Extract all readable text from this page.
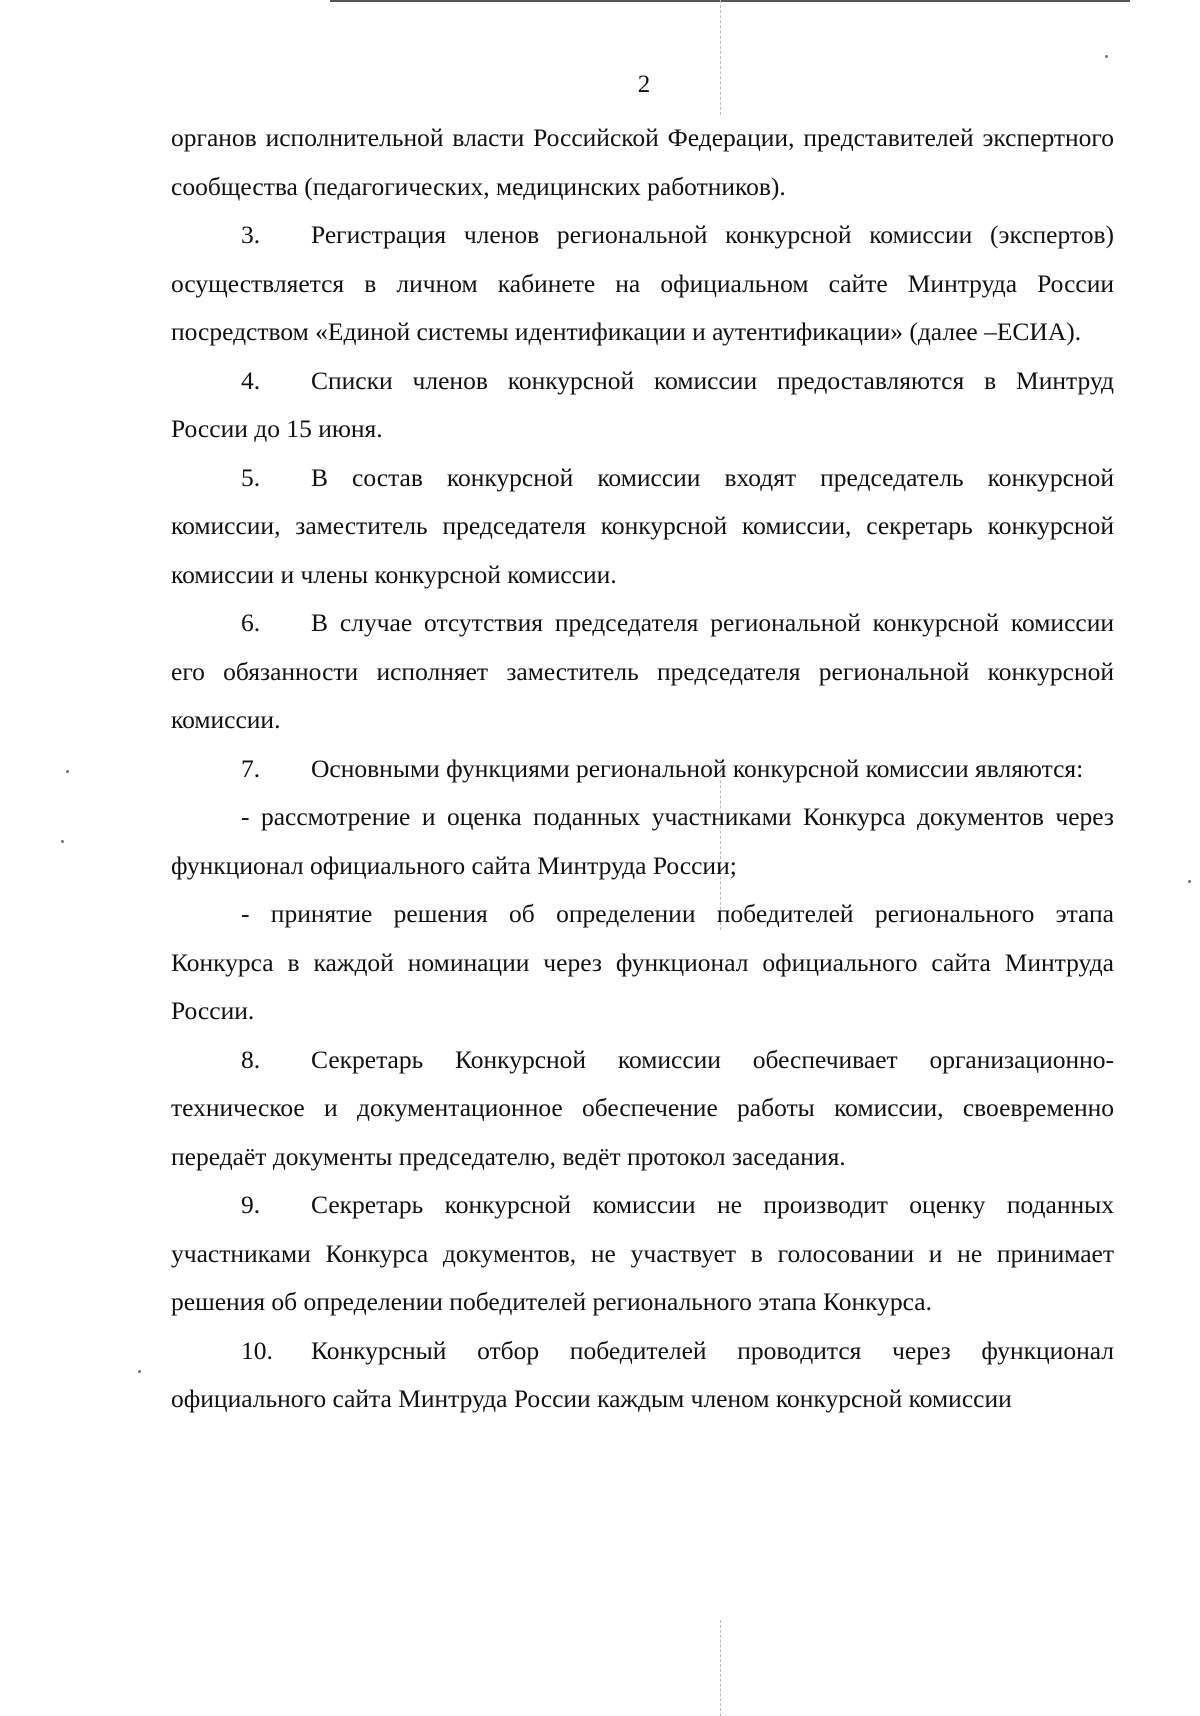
2

органов исполнительной власти Российской Федерации, представителей экспертного сообщества (педагогических, медицинских работников).

3. Регистрация членов региональной конкурсной комиссии (экспертов) осуществляется в личном кабинете на официальном сайте Минтруда России посредством «Единой системы идентификации и аутентификации» (далее –ЕСИА).

4. Списки членов конкурсной комиссии предоставляются в Минтруд России до 15 июня.

5. В состав конкурсной комиссии входят председатель конкурсной комиссии, заместитель председателя конкурсной комиссии, секретарь конкурсной комиссии и члены конкурсной комиссии.

6. В случае отсутствия председателя региональной конкурсной комиссии его обязанности исполняет заместитель председателя региональной конкурсной комиссии.

7. Основными функциями региональной конкурсной комиссии являются:

- рассмотрение и оценка поданных участниками Конкурса документов через функционал официального сайта Минтруда России;

- принятие решения об определении победителей регионального этапа Конкурса в каждой номинации через функционал официального сайта Минтруда России.

8. Секретарь Конкурсной комиссии обеспечивает организационно-техническое и документационное обеспечение работы комиссии, своевременно передаёт документы председателю, ведёт протокол заседания.

9. Секретарь конкурсной комиссии не производит оценку поданных участниками Конкурса документов, не участвует в голосовании и не принимает решения об определении победителей регионального этапа Конкурса.

10. Конкурсный отбор победителей проводится через функционал официального сайта Минтруда России каждым членом конкурсной комиссии
